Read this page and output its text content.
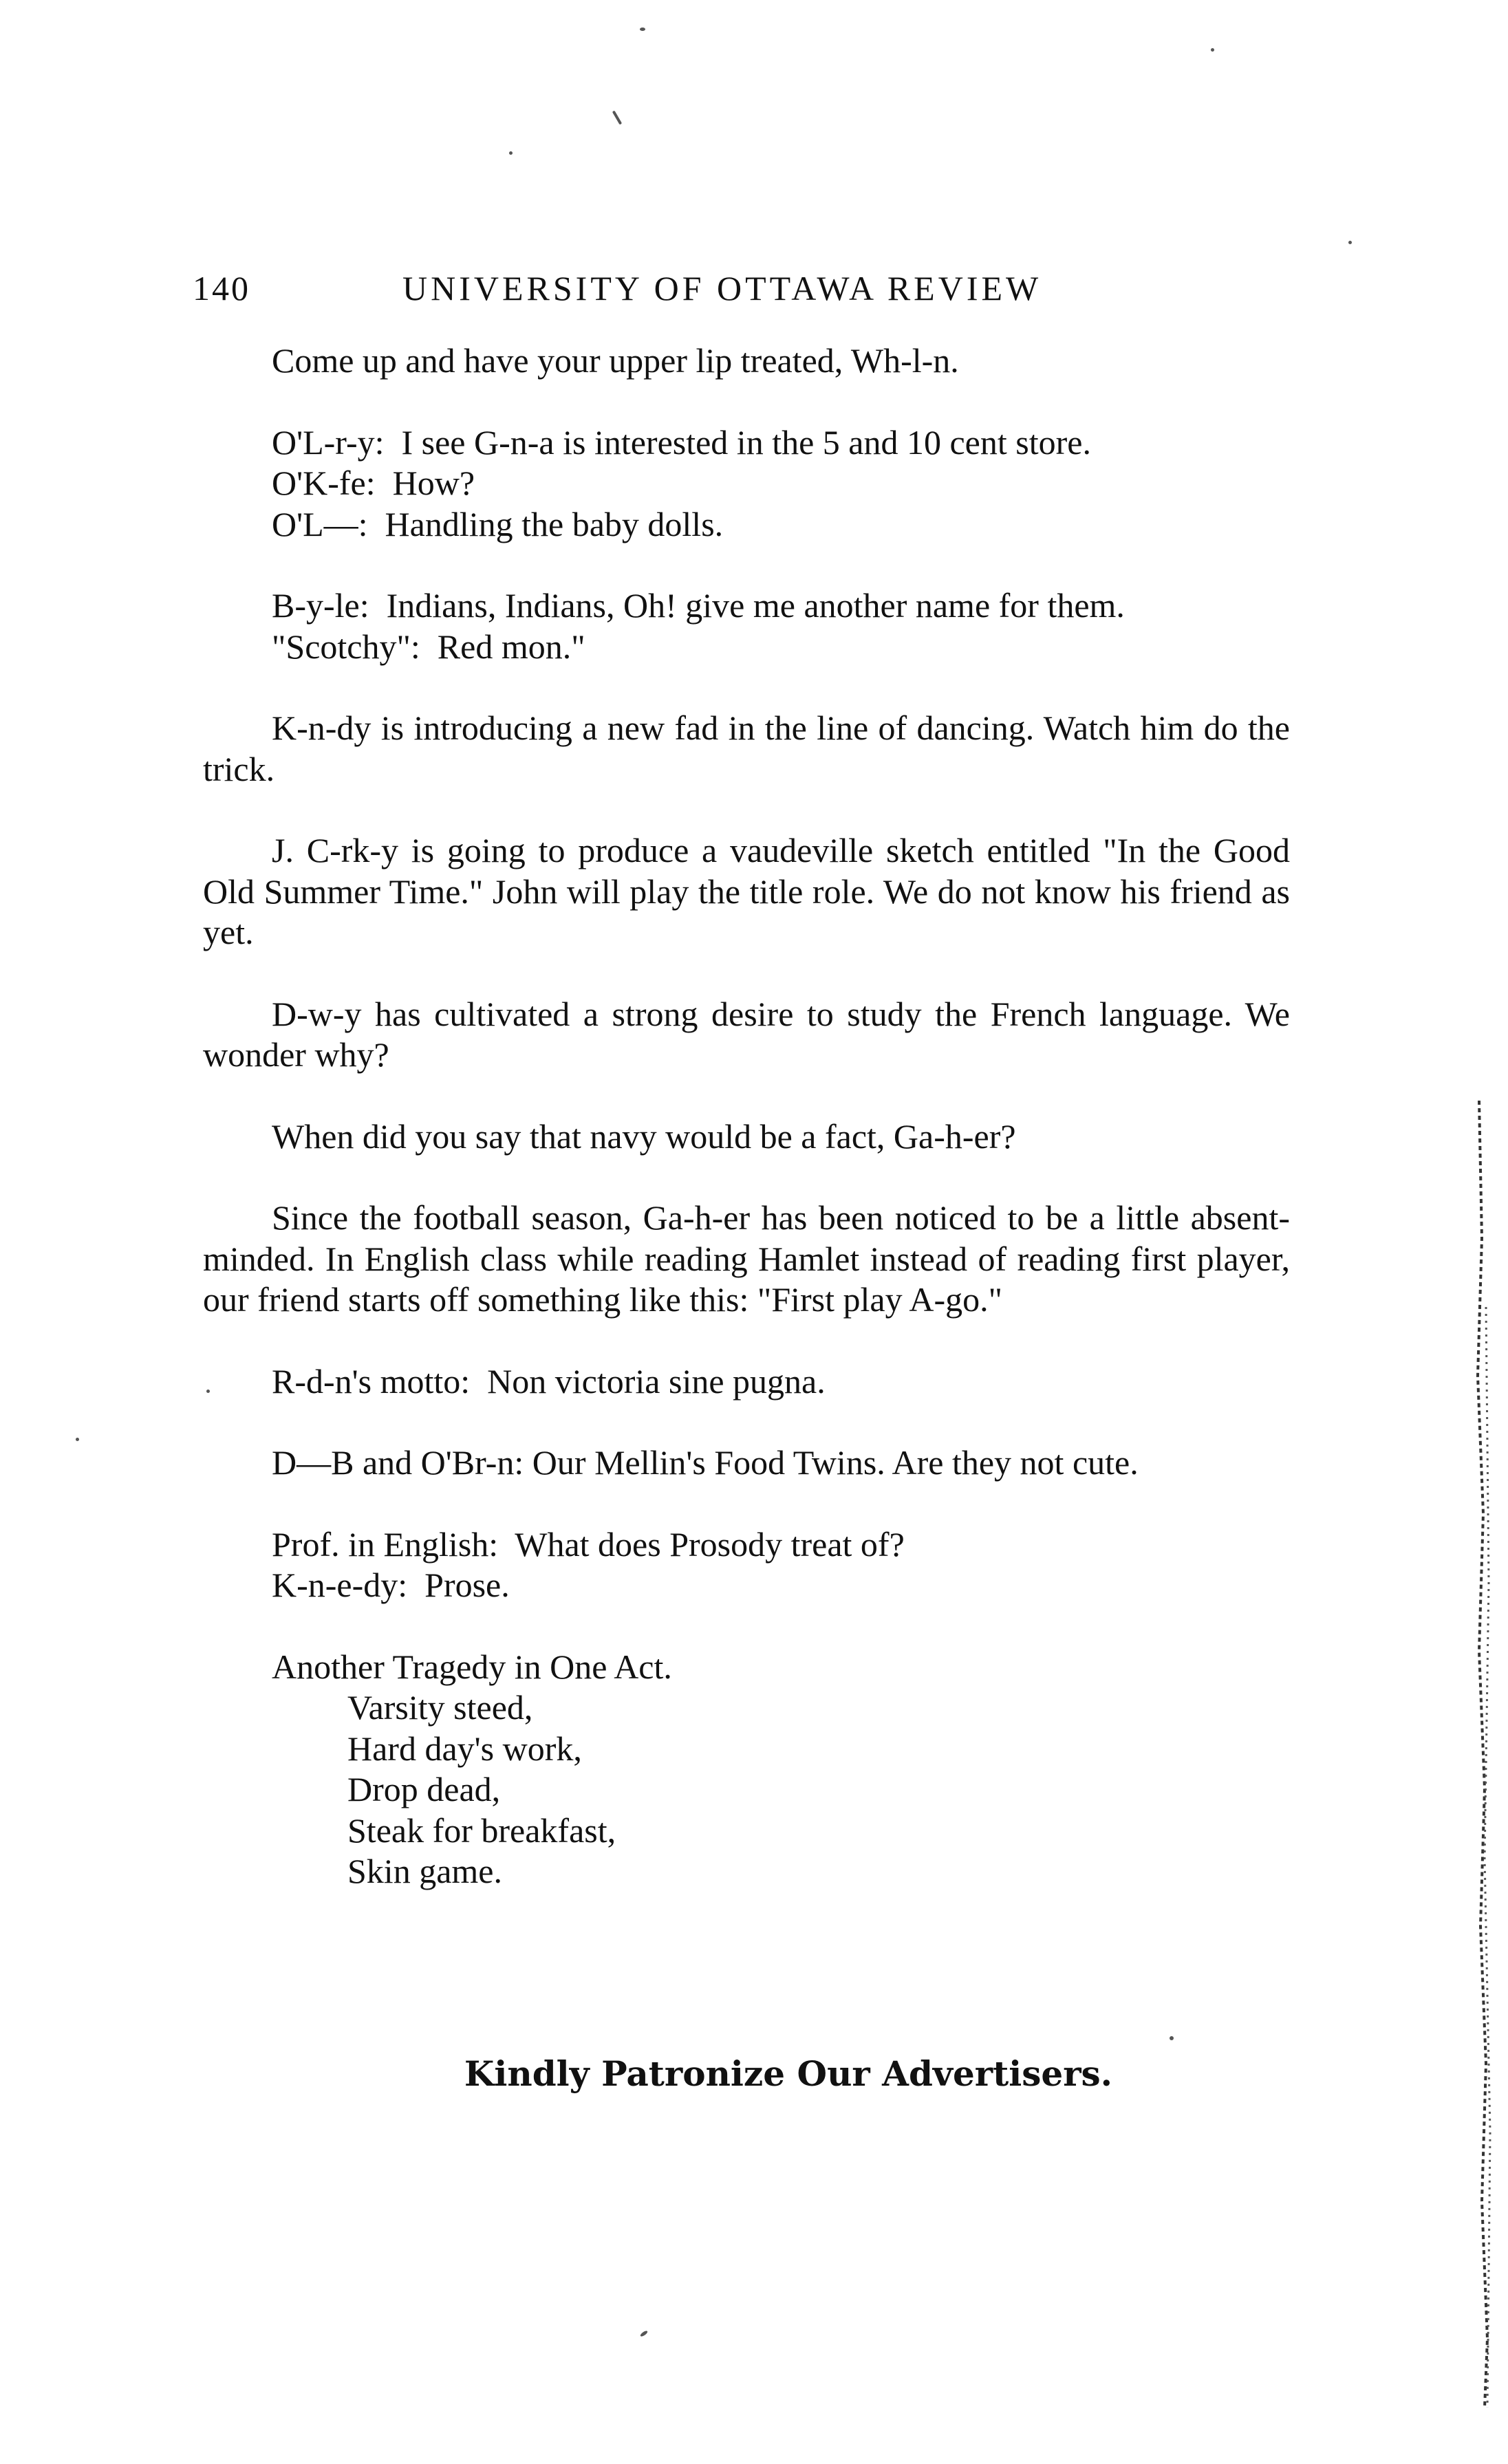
140	UNIVERSITY OF OTTAWA REVIEW
Come up and have your upper lip treated, Wh-l-n.
O'L-r-y:  I see G-n-a is interested in the 5 and 10 cent store.
O'K-fe:  How?
O'L—:  Handling the baby dolls.
B-y-le:  Indians, Indians, Oh! give me another name for them.
"Scotchy":  Red mon."
K-n-dy is introducing a new fad in the line of dancing. Watch him do the trick.
J. C-rk-y is going to produce a vaudeville sketch entitled "In the Good Old Summer Time." John will play the title role. We do not know his friend as yet.
D-w-y has cultivated a strong desire to study the French language. We wonder why?
When did you say that navy would be a fact, Ga-h-er?
Since the football season, Ga-h-er has been noticed to be a little absent-minded. In English class while reading Hamlet instead of reading first player, our friend starts off something like this: "First play A-go."
R-d-n's motto:  Non victoria sine pugna.
D—B and O'Br-n: Our Mellin's Food Twins. Are they not cute.
Prof. in English:  What does Prosody treat of?
K-n-e-dy:  Prose.
Another Tragedy in One Act.
Varsity steed,
Hard day's work,
Drop dead,
Steak for breakfast,
Skin game.
Kindly Patronize Our Advertisers.
